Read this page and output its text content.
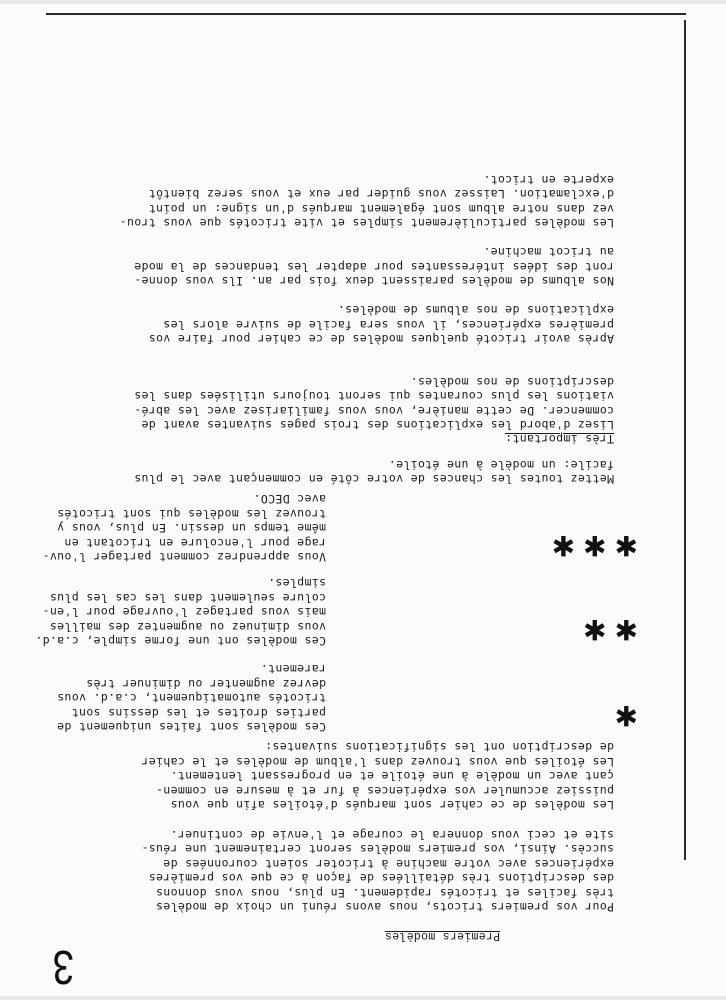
3
Premiers modèles
Pour vos premiers tricots, nous avons réuni un choix de modèles
très faciles et tricotés rapidement. En plus, nous vous donnons
des descriptions très détaillées de façon à ce que vos premières
expériences avec votre machine à tricoter soient couronnées de
succès. Ainsi, vos premiers modèles seront certainement une réus-
site et ceci vous donnera le courage et l'envie de continuer.
Les modèles de ce cahier sont marqués d'étoiles afin que vous
puissiez accumuler vos expériences à fur et à mesure en commen-
çant avec un modèle à une étoile et en progressant lentement.
Les étoiles que vous trouvez dans l'album de modèles et le cahier
de description ont les significations suivantes:
Ces modèles sont faites uniquement de
parties droites et les dessins sont
tricotés automatiquement, c.a.d. vous
devrez augmenter ou diminuer très
rarement.
✱
Ces modèles ont une forme simple, c.a.d.
vous diminuez ou augmentez des mailles
mais vous partagez l'ouvrage pour l'en-
colure seulement dans les cas les plus
simples.
✱✱
Vous apprendrez comment partager l'ouv-
rage pour l'encolure en tricotant en
même temps un dessin. En plus, vous y
trouvez les modèles qui sont tricotés
avec DECO.
✱✱✱
Mettez toutes les chances de votre côté en commençant avec le plus
facile: un modèle à une étoile.
Très important:
Lisez d'abord les explications des trois pages suivantes avant de
commencer. De cette manière, vous vous familiarisez avec les abré-
viations les plus courantes qui seront toujours utilisées dans les
descriptions de nos modèles.
Après avoir tricoté quelques modèles de ce cahier pour faire vos
premières expériences, il vous sera facile de suivre alors les
explications de nos albums de modèles.
Nos albums de modèles paraissent deux fois par an. Ils vous donne-
ront des idées intéressantes pour adapter les tendances de la mode
au tricot machine.
Les modèles particulièrement simples et vite tricotés que vous trou-
vez dans notre album sont également marqués d'un signe: un point
d'exclamation. Laissez vous guider par eux et vous serez bientôt
experte en tricot.
